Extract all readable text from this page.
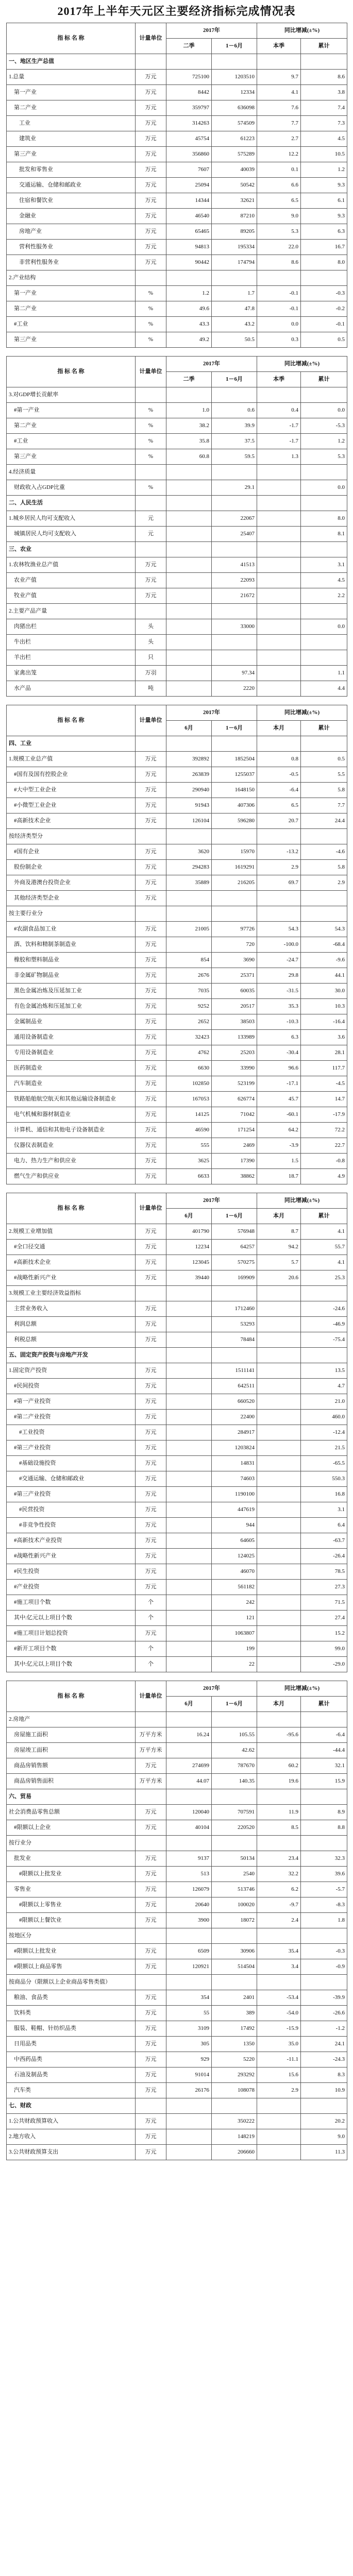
2017年上半年天元区主要经济指标完成情况表
指 标 名 称	计量单位	2017年		同比增减(±%)	
		二季	1－6月	本季	累计
一、地区生产总值					
1.总量	万元	725100	1203510	9.7	8.6
第一产业	万元	8442	12334	4.1	3.8
第二产业	万元	359797	636098	7.6	7.4
工业	万元	314263	574509	7.7	7.3
建筑业	万元	45754	61223	2.7	4.5
第三产业	万元	356860	575289	12.2	10.5
批发和零售业	万元	7607	40039	0.1	1.2
交通运输、仓储和邮政业	万元	25094	50542	6.6	9.3
住宿和餐饮业	万元	14344	32621	6.5	6.1
金融业	万元	46540	87210	9.0	9.3
房地产业	万元	65465	89205	5.3	6.3
营利性服务业	万元	94813	195334	22.0	16.7
非营利性服务业	万元	90442	174794	8.6	8.0
2.产业结构					
第一产业	%	1.2	1.7	-0.1	-0.3
第二产业	%	49.6	47.8	-0.1	-0.2
#工业	%	43.3	43.2	0.0	-0.1
第三产业	%	49.2	50.5	0.3	0.5
指 标 名 称	计量单位	2017年		同比增减(±%)	
		二季	1－6月	本季	累计
3.对GDP增长贡献率					
#第一产业	%	1.0	0.6	0.4	0.0
第二产业	%	38.2	39.9	-1.7	-5.3
#工业	%	35.8	37.5	-1.7	1.2
第三产业	%	60.8	59.5	1.3	5.3
4.经济质量					
财政收入占GDP比重	%		29.1		0.0
二、人民生活					
1.城乡居民人均可支配收入	元		22067		8.0
城镇居民人均可支配收入	元		25407		8.1
三、农业					
1.农林牧渔业总产值	万元		41513		3.1
农业产值	万元		22093		4.5
牧业产值	万元		21672		2.2
2.主要产品产量					
肉猪出栏	头		33000		0.0
牛出栏	头				
羊出栏	只				
家禽出笼	万羽		97.34		1.1
水产品	吨		2220		4.4
指 标 名 称	计量单位	2017年		同比增减(±%)	
		6月	1－6月	本月	累计
四、工业					
1.规模工业总产值	万元	392892	1852504	0.8	0.5
#国有及国有控股企业	万元	263839	1255037	-0.5	5.5
#大中型工业企业	万元	290940	1648150	-6.4	5.8
#小微型工业企业	万元	91943	407306	6.5	7.7
#高新技术企业	万元	126104	596280	20.7	24.4
按经济类型分					
#国有企业	万元	3620	15970	-13.2	-4.6
股份制企业	万元	294283	1619291	2.9	5.8
外商及港澳台投资企业	万元	35889	216205	69.7	2.9
其他经济类型企业	万元				
按主要行业分					
#农副食品加工业	万元	21005	97726	54.3	54.3
酒、饮料和精制茶制造业	万元		720	-100.0	-68.4
橡胶和塑料制品业	万元	854	3690	-24.7	-9.6
非金属矿物制品业	万元	2676	25371	29.8	44.1
黑色金属冶炼及压延加工业	万元	7035	60035	-31.5	30.0
有色金属冶炼和压延加工业	万元	9252	20517	35.3	10.3
金属制品业	万元	2652	38503	-10.3	-16.4
通用设备制造业	万元	32423	133989	6.3	3.6
专用设备制造业	万元	4762	25203	-30.4	28.1
医药制造业	万元	6630	33990	96.6	117.7
汽车制造业	万元	102850	523199	-17.1	-4.5
铁路船舶航空航天和其他运输设备制造业	万元	167053	626774	45.7	14.7
电气机械和器材制造业	万元	14125	71042	-60.1	-17.9
计算机、通信和其他电子设备制造业	万元	46590	171254	64.2	72.2
仪器仪表制造业	万元	555	2469	-3.9	22.7
电力、热力生产和供应业	万元	3625	17390	1.5	-0.8
燃气生产和供应业	万元	6633	38862	18.7	4.9
指 标 名 称	计量单位	2017年		同比增减(±%)	
		6月	1－6月	本月	累计
2.规模工业增加值	万元	401790	576948	8.7	4.1
#全口径交通	万元	12234	64257	94.2	55.7
#高新技术企业	万元	123045	570275	5.7	4.1
#战略性新兴产业	万元	39440	169909	20.6	25.3
3.规模工业主要经济效益指标					
主营业务收入	万元		1712460		-24.6
利润总额	万元		53293		-46.9
利税总额	万元		78484		-75.4
五、固定资产投资与房地产开发					
1.固定资产投资	万元		1511141		13.5
#民间投资	万元		642511		4.7
#第一产业投资	万元		660520		21.0
#第二产业投资	万元		22400		460.0
#工业投资	万元		284917		-12.4
#第三产业投资	万元		1203824		21.5
#基础设施投资	万元		14831		-65.5
#交通运输、仓储和邮政业	万元		74603		550.3
#第三产业投资	万元		1190100		16.8
#民营投资	万元		447619		3.1
#非竞争性投资	万元		944		6.4
#高新技术产业投资	万元		64605		-63.7
#战略性新兴产业	万元		124025		-26.4
#民生投资	万元		46070		78.5
#产业投资	万元		561182		27.3
#施工项目个数	个		242		71.5
其中:亿元以上项目个数	个		121		27.4
#施工项目计划总投资	万元		1063807		15.2
#新开工项目个数	个		199		99.0
其中:亿元以上项目个数	个		22		-29.0
指 标 名 称	计量单位	2017年		同比增减(±%)	
		6月	1－6月	本月	累计
2.房地产					
房屋施工面积	万平方米	16.24	105.55	-95.6	-6.4
房屋竣工面积	万平方米		42.62		-44.4
商品房销售额	万元	274699	787670	60.2	32.1
商品房销售面积	万平方米	44.07	140.35	19.6	15.9
六、贸易					
社会消费品零售总额	万元	120040	707591	11.9	8.9
#限额以上企业	万元	40104	220520	8.5	8.8
按行业分					
批发业	万元	9137	50134	23.4	32.3
#限额以上批发业	万元	513	2540	32.2	39.6
零售业	万元	126079	513746	6.2	-5.7
#限额以上零售业	万元	20640	100020	-9.7	-8.3
#限额以上餐饮业	万元	3900	18072	2.4	1.8
按地区分					
#限额以上批发业	万元	6509	30906	35.4	-0.3
#限额以上商品零售	万元	120921	514504	3.4	-0.9
按商品分（限额以上企业商品零售类值）					
粮油、食品类	万元	354	2401	-53.4	-39.9
饮料类	万元	55	389	-54.0	-26.6
服装、鞋帽、针纺织品类	万元	3109	17492	-15.9	-1.2
日用品类	万元	305	1350	35.0	24.1
中西药品类	万元	929	5220	-11.1	-24.3
石油及制品类	万元	91014	293292	15.6	8.3
汽车类	万元	26176	108078	2.9	10.9
七、财政					
1.公共财政预算收入	万元		350222		20.2
2.地方收入	万元		148219		9.0
3.公共财政预算支出	万元		206660		11.3
